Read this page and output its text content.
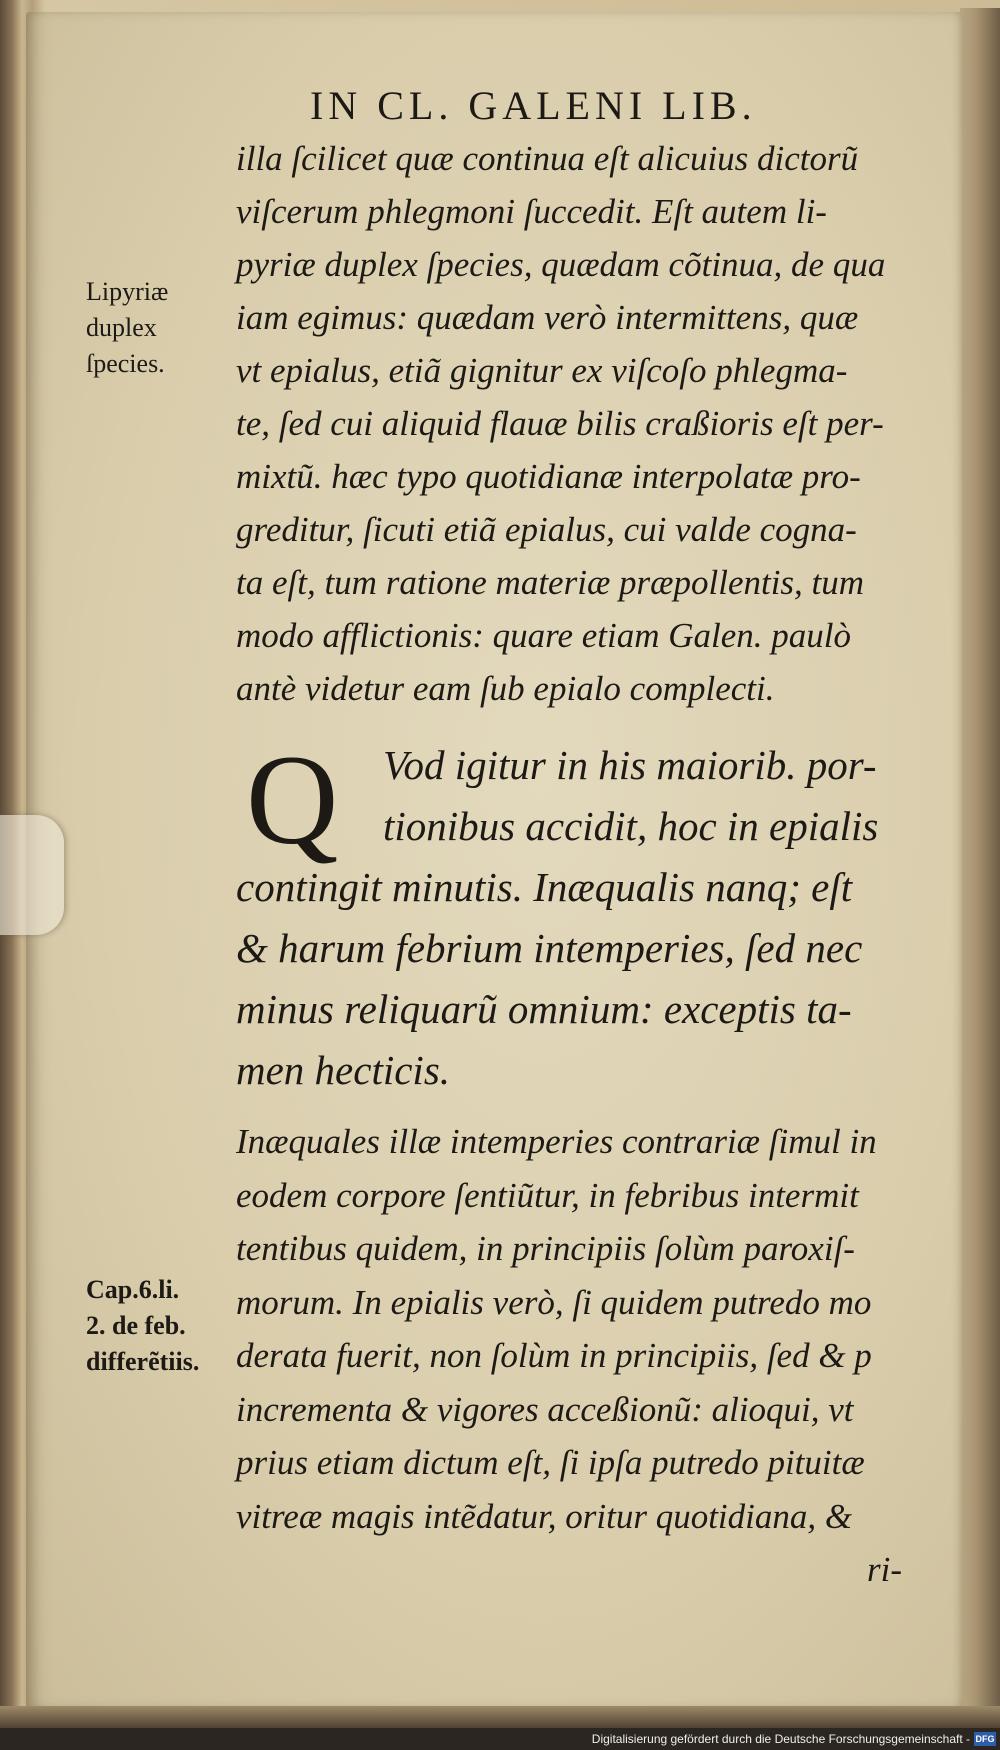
IN CL. GALENI LIB.
Lipyriæ
duplex
ſpecies.
Cap.6.li.
2. de feb.
differẽtiis.
illa ſcilicet quæ continua eſt alicuius dictorũ
viſcerum phlegmoni ſuccedit. Eſt autem li-
pyriæ duplex ſpecies, quædam cõtinua, de qua
iam egimus: quædam verò intermittens, quæ
vt epialus, etiã gignitur ex viſcoſo phlegma-
te, ſed cui aliquid flauæ bilis craßioris eſt per-
mixtũ. hæc typo quotidianæ interpolatæ pro-
greditur, ſicuti etiã epialus, cui valde cogna-
ta eſt, tum ratione materiæ præpollentis, tum
modo afflictionis: quare etiam Galen. paulò
antè videtur eam ſub epialo complecti.
Q	Vod igitur in his maiorib. por-
tionibus accidit, hoc in epialis
contingit minutis. Inæqualis nanq; eſt
& harum febrium intemperies, ſed nec
minus reliquarũ omnium: exceptis ta-
men hecticis.
Inæquales illæ intemperies contrariæ ſimul in
eodem corpore ſentiũtur, in febribus intermit
tentibus quidem, in principiis ſolùm paroxiſ-
morum. In epialis verò, ſi quidem putredo mo
derata fuerit, non ſolùm in principiis, ſed & p
incrementa & vigores acceßionũ: alioqui, vt
prius etiam dictum eſt, ſi ipſa putredo pituitæ
vitreæ magis intẽdatur, oritur quotidiana, &
ri-
Digitalisierung gefördert durch die Deutsche Forschungsgemeinschaft - DFG
